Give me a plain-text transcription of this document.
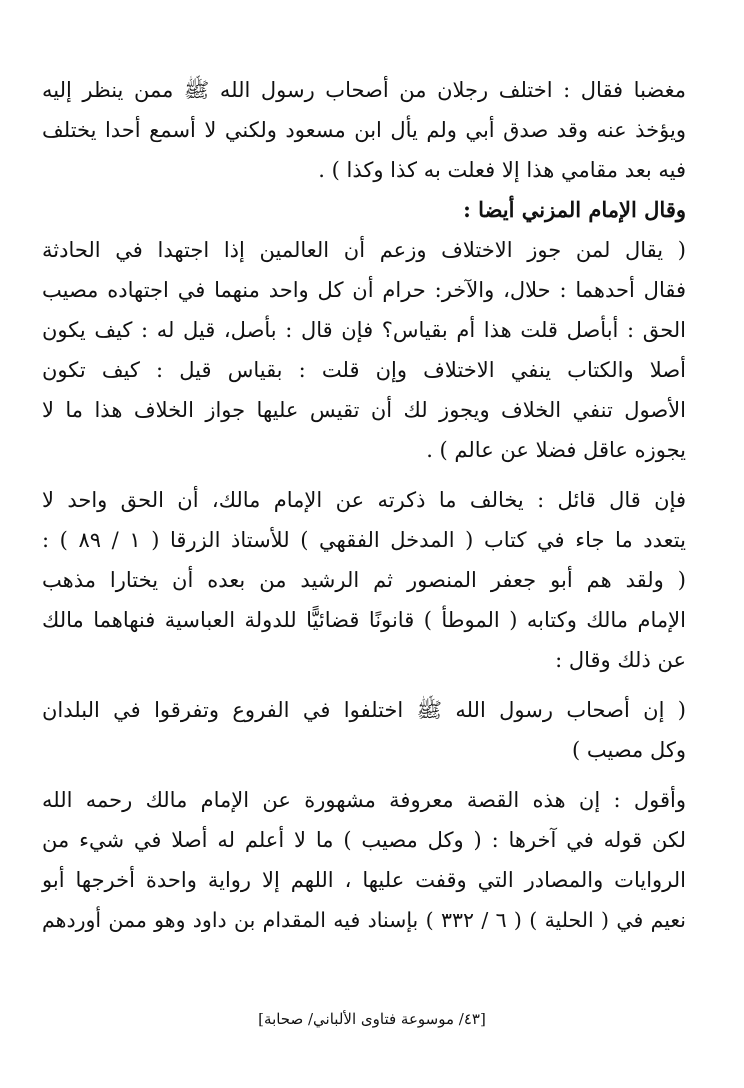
مغضبا فقال : اختلف رجلان من أصحاب رسول الله ﷺ ممن ينظر إليه
ويؤخذ عنه وقد صدق أبي ولم يأل ابن مسعود ولكني لا أسمع أحدا يختلف
فيه بعد مقامي هذا إلا فعلت به كذا وكذا ) .
وقال الإمام المزني أيضا :
( يقال لمن جوز الاختلاف وزعم أن العالمين إذا اجتهدا في الحادثة
فقال أحدهما : حلال، والآخر: حرام أن كل واحد منهما في اجتهاده مصيب
الحق : أبأصل قلت هذا أم بقياس؟ فإن قال : بأصل، قيل له : كيف يكون
أصلا والكتاب ينفي الاختلاف وإن قلت : بقياس قيل : كيف تكون
الأصول تنفي الخلاف ويجوز لك أن تقيس عليها جواز الخلاف هذا ما لا
يجوزه عاقل فضلا عن عالم ) .
فإن قال قائل : يخالف ما ذكرته عن الإمام مالك، أن الحق واحد لا
يتعدد ما جاء في كتاب ( المدخل الفقهي ) للأستاذ الزرقا ( ١ / ٨٩ ) :
( ولقد هم أبو جعفر المنصور ثم الرشيد من بعده أن يختارا مذهب
الإمام مالك وكتابه ( الموطأ ) قانونًا قضائيًّا للدولة العباسية فنهاهما مالك
عن ذلك وقال :
( إن أصحاب رسول الله ﷺ اختلفوا في الفروع وتفرقوا في البلدان
وكل مصيب )
وأقول : إن هذه القصة معروفة مشهورة عن الإمام مالك رحمه الله
لكن قوله في آخرها : ( وكل مصيب ) ما لا أعلم له أصلا في شيء من
الروايات والمصادر التي وقفت عليها ، اللهم إلا رواية واحدة أخرجها أبو
نعيم في ( الحلية ) ( ٦ / ٣٣٢ ) بإسناد فيه المقدام بن داود وهو ممن أوردهم
[٤٣/ موسوعة فتاوى الألباني/ صحابة]
